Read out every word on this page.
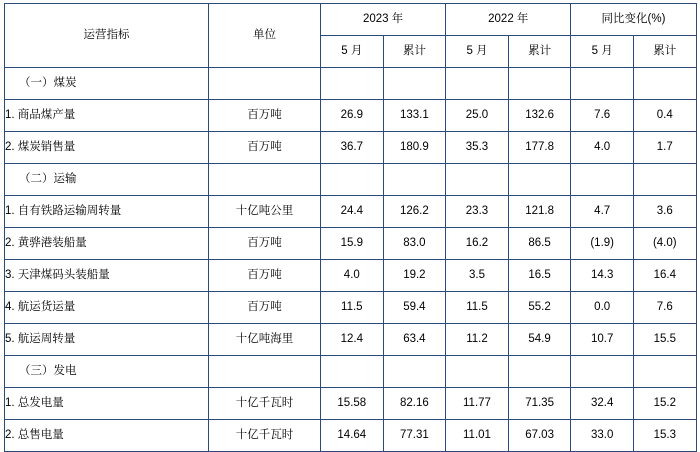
运营指标	单位	2023 年		2022 年		同比变化(%)	
		5 月	累计	5 月	累计	5 月	累计
（一）煤炭							
1. 商品煤产量	百万吨	26.9	133.1	25.0	132.6	7.6	0.4
2. 煤炭销售量	百万吨	36.7	180.9	35.3	177.8	4.0	1.7
（二）运输							
1. 自有铁路运输周转量	十亿吨公里	24.4	126.2	23.3	121.8	4.7	3.6
2. 黄骅港装船量	百万吨	15.9	83.0	16.2	86.5	(1.9)	(4.0)
3. 天津煤码头装船量	百万吨	4.0	19.2	3.5	16.5	14.3	16.4
4. 航运货运量	百万吨	11.5	59.4	11.5	55.2	0.0	7.6
5. 航运周转量	十亿吨海里	12.4	63.4	11.2	54.9	10.7	15.5
（三）发电							
1. 总发电量	十亿千瓦时	15.58	82.16	11.77	71.35	32.4	15.2
2. 总售电量	十亿千瓦时	14.64	77.31	11.01	67.03	33.0	15.3
